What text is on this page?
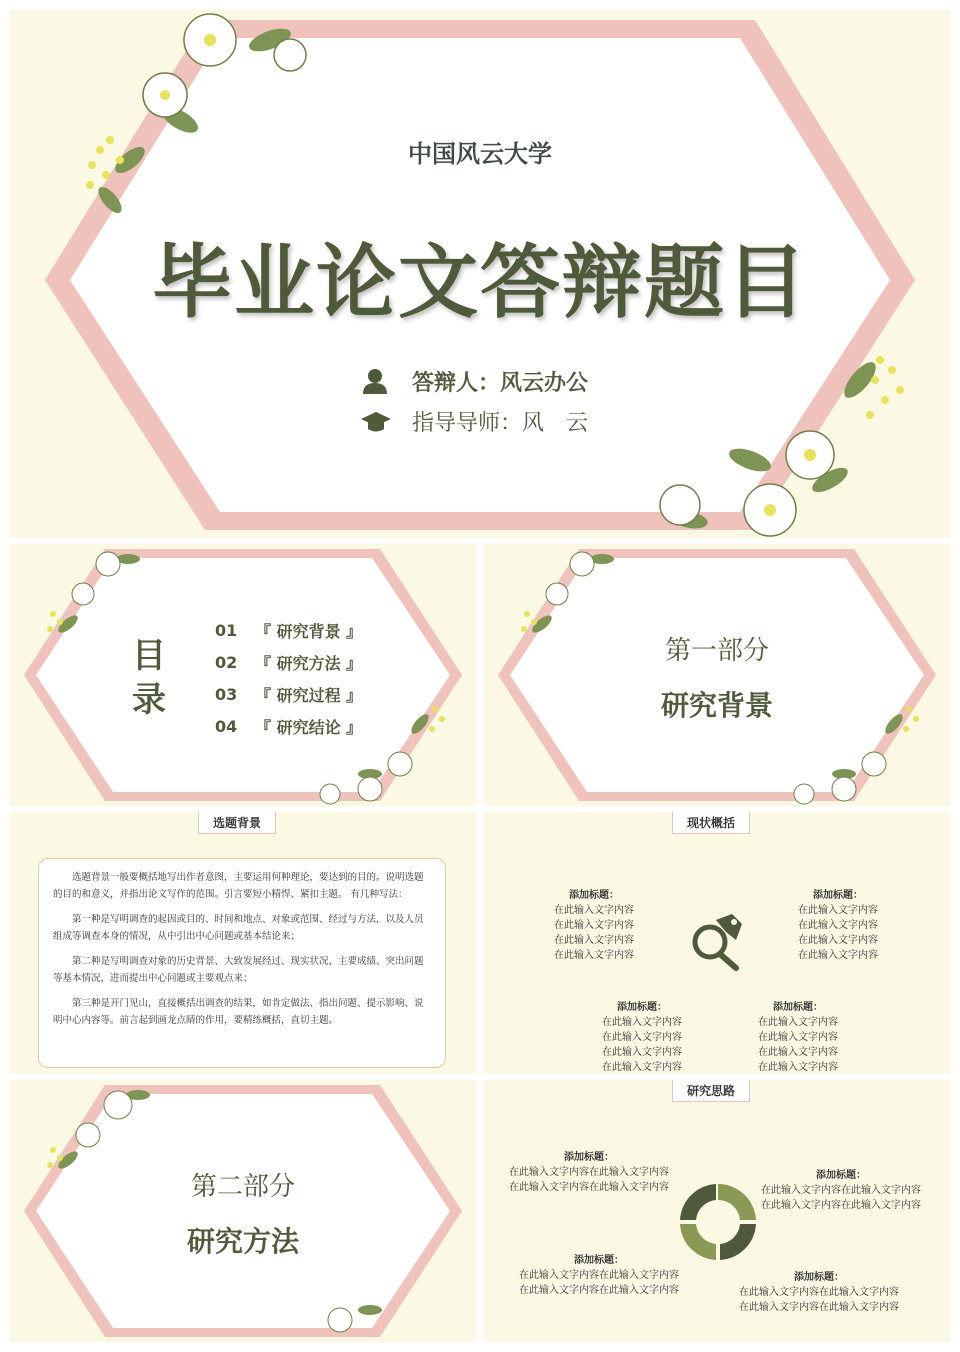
中国风云大学
毕业论文答辩题目
答辩人：风云办公
指导导师：风　云
目录
01	『 研究背景 』
02	『 研究方法 』
03	『 研究过程 』
04	『 研究结论 』
第一部分
研究背景
选题背景

选题背景一般要概括地写出作者意图，主要运用何种理论，要达到的目的。说明选题的目的和意义，并指出论文写作的范围。引言要短小精悍、紧扣主题。 有几种写法：

第一种是写明调查的起因或目的、时间和地点、对象或范围、经过与方法，以及人员组成等调查本身的情况，从中引出中心问题或基本结论来；

第二种是写明调查对象的历史背景、大致发展经过、现实状况、主要成绩、突出问题等基本情况，进而提出中心问题或主要观点来；

第三种是开门见山，直接概括出调查的结果，如肯定做法、指出问题、提示影响、说明中心内容等。前言起到画龙点睛的作用，要精练概括，直切主题。

现状概括
添加标题：
在此输入文字内容
在此输入文字内容
在此输入文字内容
在此输入文字内容
添加标题：
在此输入文字内容
在此输入文字内容
在此输入文字内容
在此输入文字内容
添加标题：
在此输入文字内容
在此输入文字内容
在此输入文字内容
在此输入文字内容
添加标题：
在此输入文字内容
在此输入文字内容
在此输入文字内容
在此输入文字内容
第二部分
研究方法
研究思路
添加标题：
在此输入文字内容在此输入文字内容
在此输入文字内容在此输入文字内容
添加标题：
在此输入文字内容在此输入文字内容
在此输入文字内容在此输入文字内容
添加标题：
在此输入文字内容在此输入文字内容
在此输入文字内容在此输入文字内容
添加标题：
在此输入文字内容在此输入文字内容
在此输入文字内容在此输入文字内容
